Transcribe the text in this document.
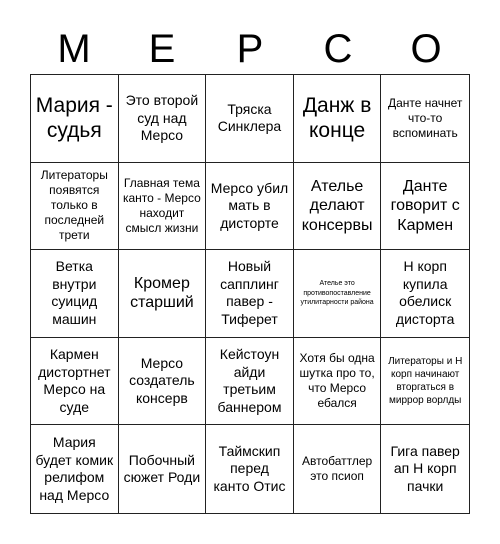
М	Е	Р	С	О
Мария - судья
Это второй суд над Мерсо
Тряска Синклера
Данж в конце
Данте начнет что-то вспоминать
Литераторы появятся только в последней трети
Главная тема канто - Мерсо находит смысл жизни
Мерсо убил мать в дисторте
Ателье делают консервы
Данте говорит с Кармен
Ветка внутри суицид машин
Кромер старший
Новый сапплинг павер - Тиферет
Ателье это противопоставление утилитарности района
Н корп купила обелиск дисторта
Кармен дистортнет Мерсо на суде
Мерсо создатель консерв
Кейстоун айди третьим баннером
Хотя бы одна шутка про то, что Мерсо ебался
Литераторы и Н корп начинают вторгаться в миррор ворлды
Мария будет комик релифом над Мерсо
Побочный сюжет Роди
Таймскип перед канто Отис
Автобаттлер это псиоп
Гига павер ап Н корп пачки
